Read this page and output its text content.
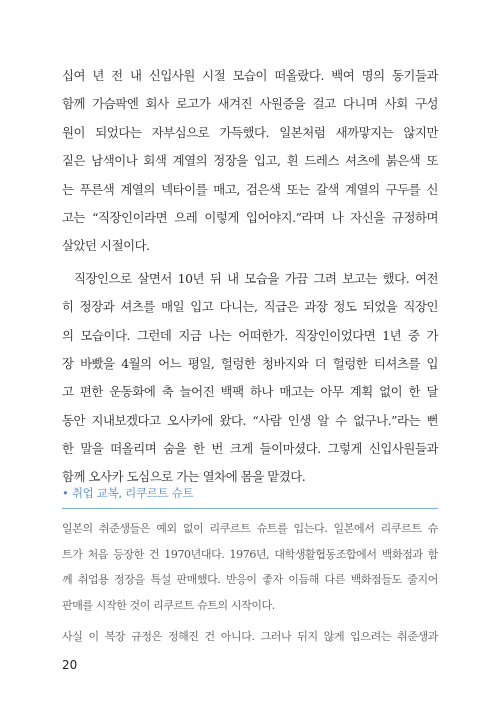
십여 년 전 내 신입사원 시절 모습이 떠올랐다. 백여 명의 동기들과
함께 가슴팍엔 회사 로고가 새겨진 사원증을 걸고 다니며 사회 구성
원이 되었다는 자부심으로 가득했다. 일본처럼 새까맣지는 않지만
짙은 남색이나 회색 계열의 정장을 입고, 흰 드레스 셔츠에 붉은색 또
는 푸른색 계열의 넥타이를 매고, 검은색 또는 갈색 계열의 구두를 신
고는 “직장인이라면 으레 이렇게 입어야지.”라며 나 자신을 규정하며
살았던 시절이다.
직장인으로 살면서 10년 뒤 내 모습을 가끔 그려 보고는 했다. 여전
히 정장과 셔츠를 매일 입고 다니는, 직급은 과장 정도 되었을 직장인
의 모습이다. 그런데 지금 나는 어떠한가. 직장인이었다면 1년 중 가
장 바빴을 4월의 어느 평일, 헐렁한 청바지와 더 헐렁한 티셔츠를 입
고 편한 운동화에 축 늘어진 백팩 하나 매고는 아무 계획 없이 한 달
동안 지내보겠다고 오사카에 왔다. “사람 인생 알 수 없구나.”라는 뻔
한 말을 떠올리며 숨을 한 번 크게 들이마셨다. 그렇게 신입사원들과
함께 오사카 도심으로 가는 열차에 몸을 맡겼다.
• 취업 교복, 리쿠르트 슈트
일본의 취준생들은 예외 없이 리쿠르트 슈트를 입는다. 일본에서 리쿠르트 슈
트가 처음 등장한 건 1970년대다. 1976년, 대학생활협동조합에서 백화점과 함
께 취업용 정장을 특설 판매했다. 반응이 좋자 이듬해 다른 백화점들도 줄지어
판매를 시작한 것이 리쿠르트 슈트의 시작이다.
사실 이 복장 규정은 정해진 건 아니다. 그러나 뒤지 않게 입으려는 취준생과
20
